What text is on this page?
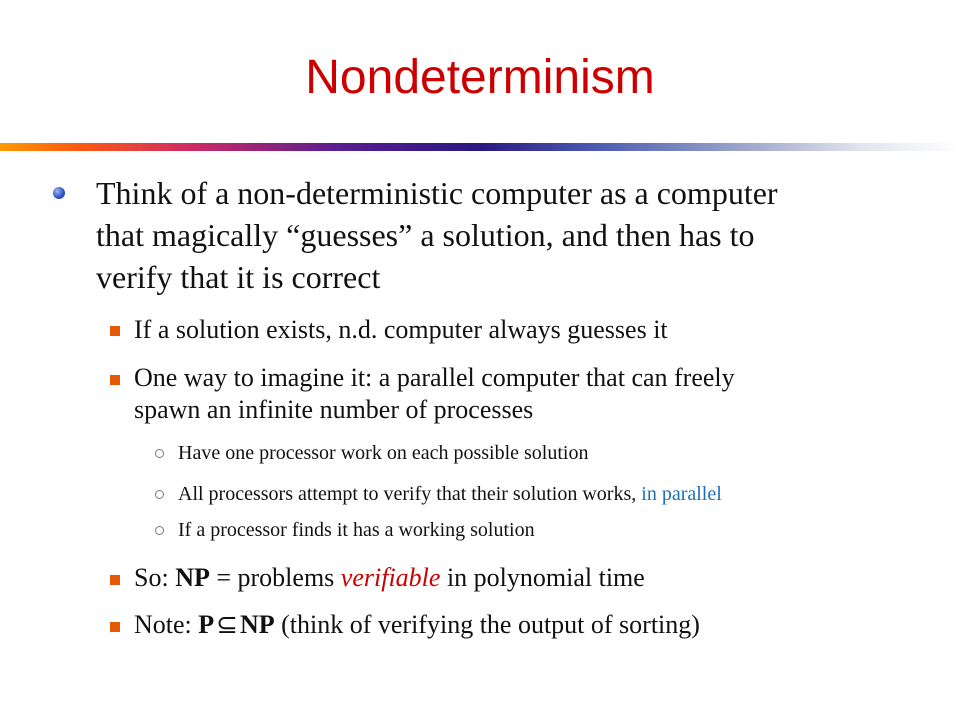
Nondeterminism
Think of a non-deterministic computer as a computer
that magically “guesses” a solution, and then has to
verify that it is correct
If a solution exists, n.d. computer always guesses it
One way to imagine it: a parallel computer that can freely
spawn an infinite number of processes
Have one processor work on each possible solution
All processors attempt to verify that their solution works, in parallel
If a processor finds it has a working solution
So: NP = problems verifiable in polynomial time
Note: P⊆NP (think of verifying the output of sorting)
